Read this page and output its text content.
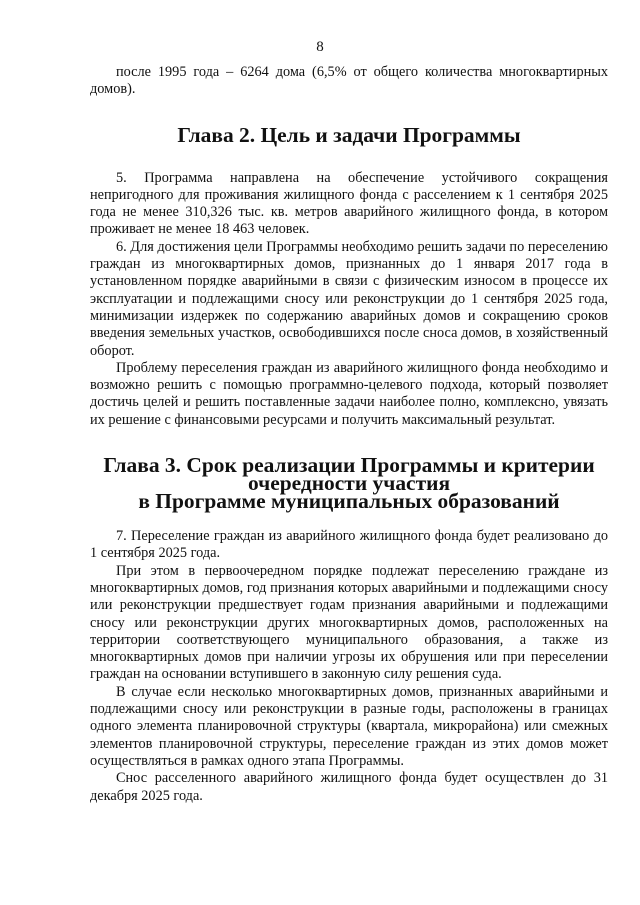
8

после 1995 года – 6264 дома (6,5% от общего количества многоквартирных домов).

Глава 2. Цель и задачи Программы

5. Программа направлена на обеспечение устойчивого сокращения непригодного для проживания жилищного фонда с расселением к 1 сентября 2025 года не менее 310,326 тыс. кв. метров аварийного жилищного фонда, в котором проживает не менее 18 463 человек.

6. Для достижения цели Программы необходимо решить задачи по переселению граждан из многоквартирных домов, признанных до 1 января 2017 года в установленном порядке аварийными в связи с физическим износом в процессе их эксплуатации и подлежащими сносу или реконструкции до 1 сентября 2025 года, минимизации издержек по содержанию аварийных домов и сокращению сроков введения земельных участков, освободившихся после сноса домов, в хозяйственный оборот.

Проблему переселения граждан из аварийного жилищного фонда необходимо и возможно решить с помощью программно-целевого подхода, который позволяет достичь целей и решить поставленные задачи наиболее полно, комплексно, увязать их решение с финансовыми ресурсами и получить максимальный результат.

Глава 3. Срок реализации Программы и критерии очередности участия
в Программе муниципальных образований

7. Переселение граждан из аварийного жилищного фонда будет реализовано до 1 сентября 2025 года.

При этом в первоочередном порядке подлежат переселению граждане из многоквартирных домов, год признания которых аварийными и подлежащими сносу или реконструкции предшествует годам признания аварийными и подлежащими сносу или реконструкции других многоквартирных домов, расположенных на территории соответствующего муниципального образования, а также из многоквартирных домов при наличии угрозы их обрушения или при переселении граждан на основании вступившего в законную силу решения суда.

В случае если несколько многоквартирных домов, признанных аварийными и подлежащими сносу или реконструкции в разные годы, расположены в границах одного элемента планировочной структуры (квартала, микрорайона) или смежных элементов планировочной структуры, переселение граждан из этих домов может осуществляться в рамках одного этапа Программы.

Снос расселенного аварийного жилищного фонда будет осуществлен до 31 декабря 2025 года.
